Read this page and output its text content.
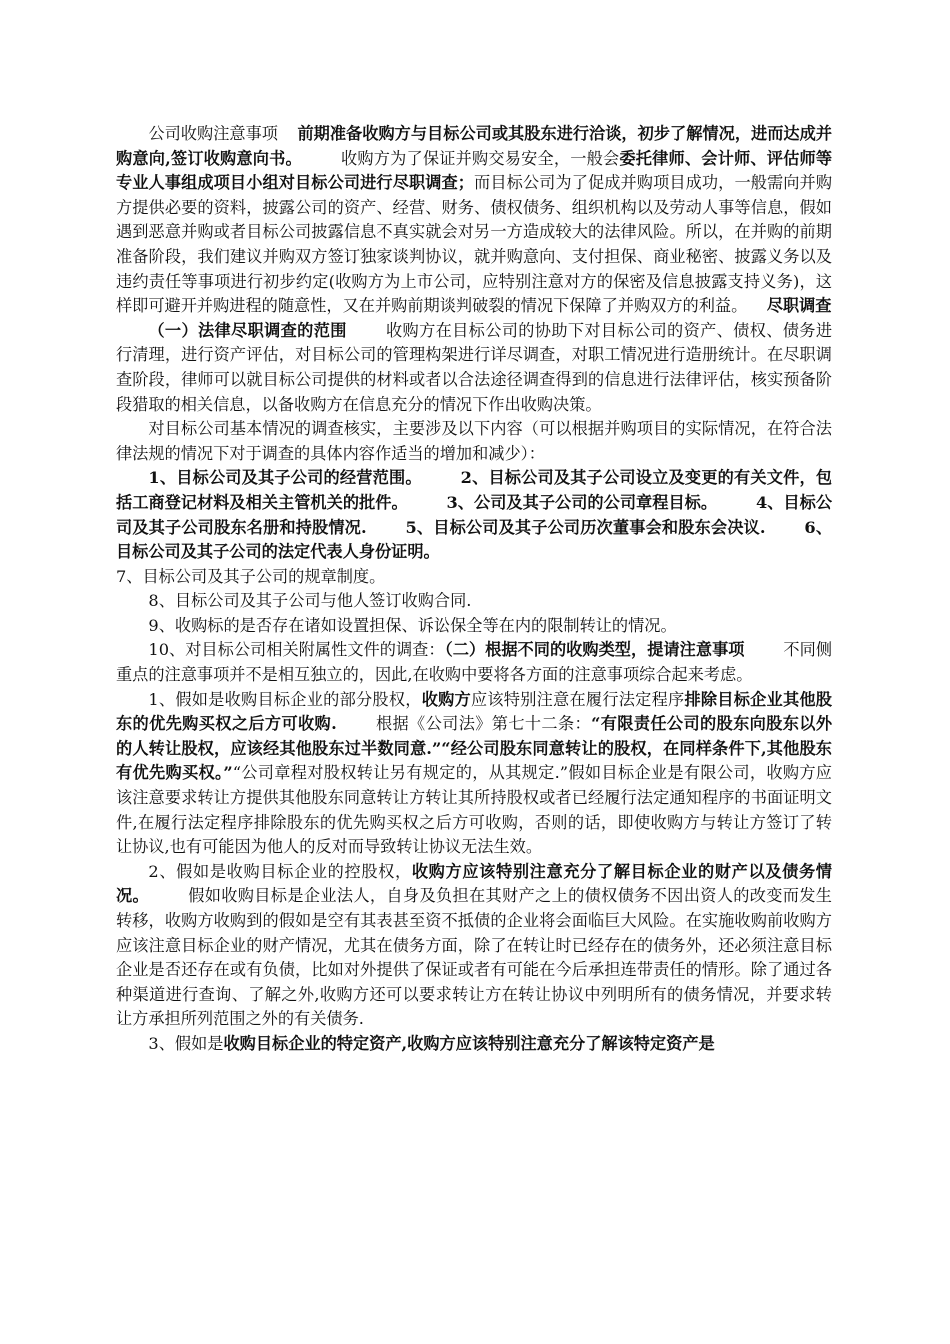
公司收购注意事项 前期准备收购方与目标公司或其股东进行洽谈，初步了解情况，进而达成并购意向,签订收购意向书。 收购方为了保证并购交易安全，一般会委托律师、会计师、评估师等专业人事组成项目小组对目标公司进行尽职调查；而目标公司为了促成并购项目成功，一般需向并购方提供必要的资料，披露公司的资产、经营、财务、债权债务、组织机构以及劳动人事等信息，假如遇到恶意并购或者目标公司披露信息不真实就会对另一方造成较大的法律风险。所以，在并购的前期准备阶段，我们建议并购双方签订独家谈判协议，就并购意向、支付担保、商业秘密、披露义务以及违约责任等事项进行初步约定(收购方为上市公司，应特别注意对方的保密及信息披露支持义务)，这样即可避开并购进程的随意性，又在并购前期谈判破裂的情况下保障了并购双方的利益。 尽职调查

（一）法律尽职调查的范围 收购方在目标公司的协助下对目标公司的资产、债权、债务进行清理，进行资产评估，对目标公司的管理构架进行详尽调查，对职工情况进行造册统计。在尽职调查阶段，律师可以就目标公司提供的材料或者以合法途径调查得到的信息进行法律评估，核实预备阶段猎取的相关信息，以备收购方在信息充分的情况下作出收购决策。

对目标公司基本情况的调查核实，主要涉及以下内容（可以根据并购项目的实际情况，在符合法律法规的情况下对于调查的具体内容作适当的增加和减少）：

1、目标公司及其子公司的经营范围。 2、目标公司及其子公司设立及变更的有关文件，包括工商登记材料及相关主管机关的批件。 3、公司及其子公司的公司章程目标。 4、目标公司及其子公司股东名册和持股情况. 5、目标公司及其子公司历次董事会和股东会决议. 6、目标公司及其子公司的法定代表人身份证明。

7、目标公司及其子公司的规章制度。

8、目标公司及其子公司与他人签订收购合同.

9、收购标的是否存在诸如设置担保、诉讼保全等在内的限制转让的情况。

10、对目标公司相关附属性文件的调查：（二）根据不同的收购类型，提请注意事项 不同侧重点的注意事项并不是相互独立的，因此,在收购中要将各方面的注意事项综合起来考虑。

1、假如是收购目标企业的部分股权，收购方应该特别注意在履行法定程序排除目标企业其他股东的优先购买权之后方可收购. 根据《公司法》第七十二条：“有限责任公司的股东向股东以外的人转让股权，应该经其他股东过半数同意.”“经公司股东同意转让的股权，在同样条件下,其他股东有优先购买权。”“公司章程对股权转让另有规定的，从其规定.”假如目标企业是有限公司，收购方应该注意要求转让方提供其他股东同意转让方转让其所持股权或者已经履行法定通知程序的书面证明文件,在履行法定程序排除股东的优先购买权之后方可收购，否则的话，即使收购方与转让方签订了转让协议,也有可能因为他人的反对而导致转让协议无法生效。

2、假如是收购目标企业的控股权，收购方应该特别注意充分了解目标企业的财产以及债务情况。 假如收购目标是企业法人，自身及负担在其财产之上的债权债务不因出资人的改变而发生转移，收购方收购到的假如是空有其表甚至资不抵债的企业将会面临巨大风险。在实施收购前收购方应该注意目标企业的财产情况，尤其在债务方面，除了在转让时已经存在的债务外，还必须注意目标企业是否还存在或有负债，比如对外提供了保证或者有可能在今后承担连带责任的情形。除了通过各种渠道进行查询、了解之外,收购方还可以要求转让方在转让协议中列明所有的债务情况，并要求转让方承担所列范围之外的有关债务.

3、假如是收购目标企业的特定资产,收购方应该特别注意充分了解该特定资产是
